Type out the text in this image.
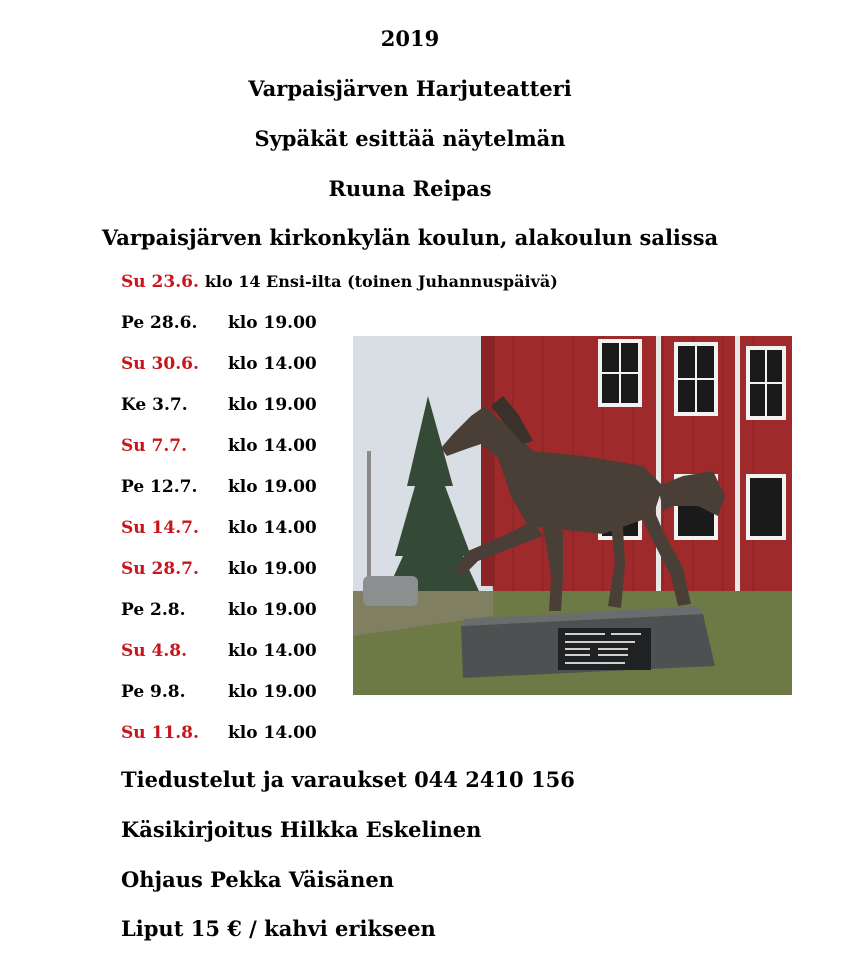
2019
Varpaisjärven Harjuteatteri
Sypäkät esittää näytelmän
Ruuna Reipas
Varpaisjärven kirkonkylän koulun, alakoulun salissa
Su 23.6. klo 14 Ensi-ilta (toinen Juhannuspäivä)
Pe 28.6. klo 19.00
Su 30.6. klo 14.00
Ke 3.7. klo 19.00
Su 7.7. klo 14.00
Pe 12.7. klo 19.00
Su 14.7. klo 14.00
Su 28.7. klo 19.00
Pe 2.8. klo 19.00
Su 4.8. klo 14.00
Pe 9.8. klo 19.00
Su 11.8. klo 14.00
Tiedustelut ja varaukset 044 2410 156
Käsikirjoitus Hilkka Eskelinen
Ohjaus Pekka Väisänen
Liput 15 € / kahvi erikseen
